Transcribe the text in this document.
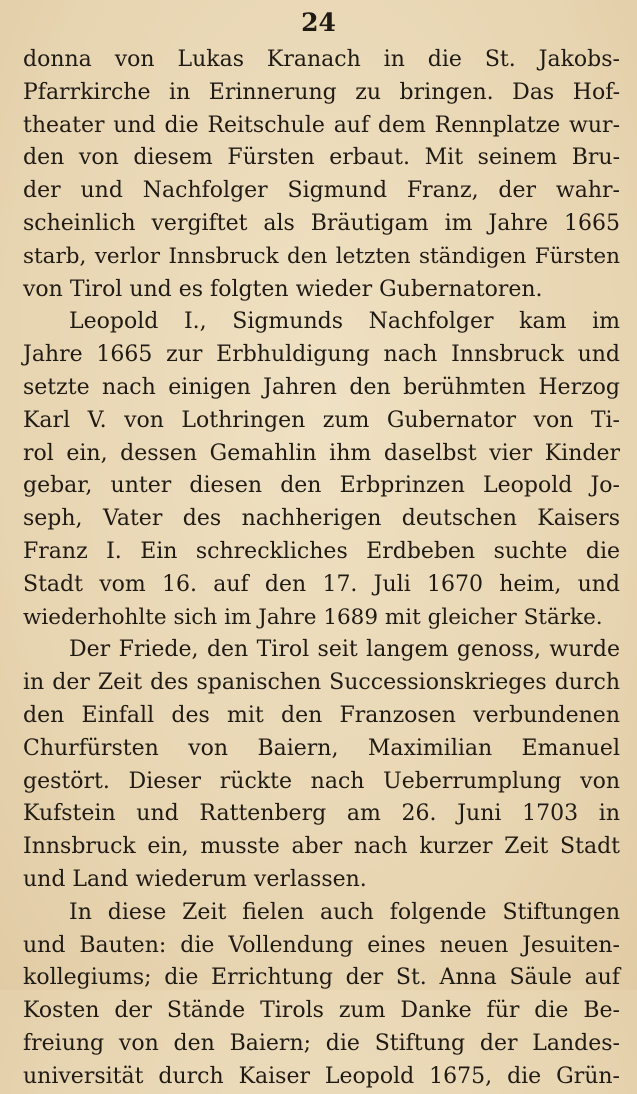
24
donna von Lukas Kranach in die St. Jakobs-
Pfarrkirche in Erinnerung zu bringen. Das Hof-
theater und die Reitschule auf dem Rennplatze wur-
den von diesem Fürsten erbaut. Mit seinem Bru-
der und Nachfolger Sigmund Franz, der wahr-
scheinlich vergiftet als Bräutigam im Jahre 1665
starb, verlor Innsbruck den letzten ständigen Fürsten
von Tirol und es folgten wieder Gubernatoren.
Leopold I., Sigmunds Nachfolger kam im
Jahre 1665 zur Erbhuldigung nach Innsbruck und
setzte nach einigen Jahren den berühmten Herzog
Karl V. von Lothringen zum Gubernator von Ti-
rol ein, dessen Gemahlin ihm daselbst vier Kinder
gebar, unter diesen den Erbprinzen Leopold Jo-
seph, Vater des nachherigen deutschen Kaisers
Franz I. Ein schreckliches Erdbeben suchte die
Stadt vom 16. auf den 17. Juli 1670 heim, und
wiederhohlte sich im Jahre 1689 mit gleicher Stärke.
Der Friede, den Tirol seit langem genoss, wurde
in der Zeit des spanischen Successionskrieges durch
den Einfall des mit den Franzosen verbundenen
Churfürsten von Baiern, Maximilian Emanuel
gestört. Dieser rückte nach Ueberrumplung von
Kufstein und Rattenberg am 26. Juni 1703 in
Innsbruck ein, musste aber nach kurzer Zeit Stadt
und Land wiederum verlassen.
In diese Zeit fielen auch folgende Stiftungen
und Bauten: die Vollendung eines neuen Jesuiten-
kollegiums; die Errichtung der St. Anna Säule auf
Kosten der Stände Tirols zum Danke für die Be-
freiung von den Baiern; die Stiftung der Landes-
universität durch Kaiser Leopold 1675, die Grün-
